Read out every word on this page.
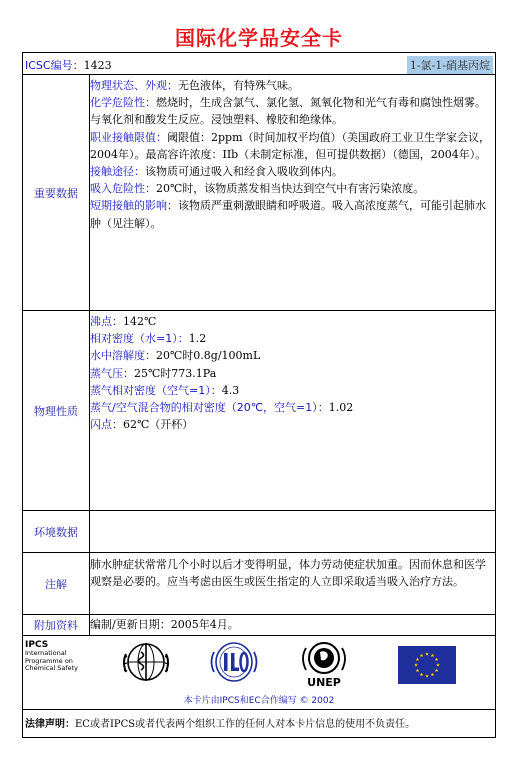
国际化学品安全卡
ICSC编号：1423	1-氯-1-硝基丙烷
重要数据

物理状态、外观：无色液体，有特殊气味。

化学危险性：燃烧时，生成含氯气、氯化氢、氮氧化物和光气有毒和腐蚀性烟雾。与氧化剂和酸发生反应。浸蚀塑料、橡胶和绝缘体。

职业接触限值：阈限值：2ppm（时间加权平均值）（美国政府工业卫生学家会议，2004年）。最高容许浓度：IIb（未制定标准，但可提供数据）（德国，2004年）。

接触途径：该物质可通过吸入和经食入吸收到体内。

吸入危险性：20℃时，该物质蒸发相当快达到空气中有害污染浓度。

短期接触的影响：该物质严重刺激眼睛和呼吸道。吸入高浓度蒸气，可能引起肺水肿（见注解）。

物理性质

沸点：142℃

相对密度（水=1）：1.2

水中溶解度：20℃时0.8g/100mL

蒸气压：25℃时773.1Pa

蒸气相对密度（空气=1）：4.3

蒸气/空气混合物的相对密度（20℃，空气=1）：1.02

闪点：62℃（开杯）

环境数据
注解
肺水肿症状常常几个小时以后才变得明显，体力劳动使症状加重。因而休息和医学观察是必要的。应当考虑由医生或医生指定的人立即采取适当吸入治疗方法。
附加资料	编制/更新日期：2005年4月。
IPCS
International
Programme on
Chemical Safety
UNEP
本卡片由IPCS和EC合作编写 © 2002
法律声明：EC或者IPCS或者代表两个组织工作的任何人对本卡片信息的使用不负责任。
